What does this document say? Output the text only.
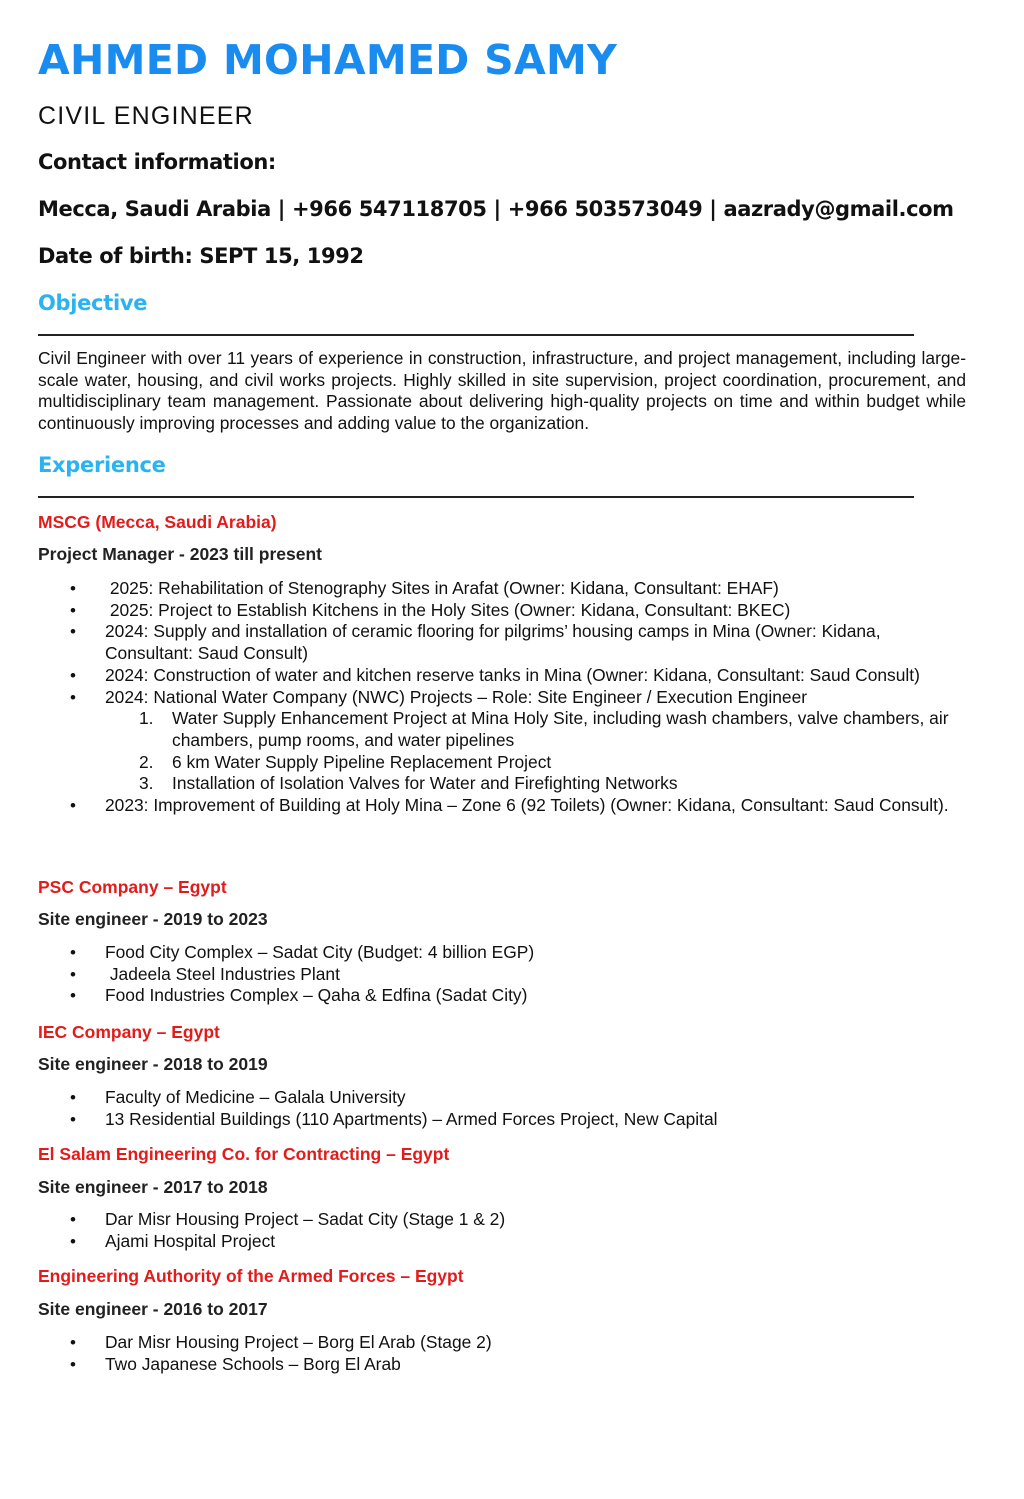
AHMED MOHAMED SAMY
CIVIL ENGINEER
Contact information:
Mecca, Saudi Arabia | +966 547118705 | +966 503573049 | aazrady@gmail.com
Date of birth: SEPT 15, 1992
Objective
Civil Engineer with over 11 years of experience in construction, infrastructure, and project management, including large-scale water, housing, and civil works projects. Highly skilled in site supervision, project coordination, procurement, and multidisciplinary team management. Passionate about delivering high-quality projects on time and within budget while continuously improving processes and adding value to the organization.
Experience
MSCG (Mecca, Saudi Arabia)
Project Manager - 2023 till present
•  2025: Rehabilitation of Stenography Sites in Arafat (Owner: Kidana, Consultant: EHAF)
•  2025: Project to Establish Kitchens in the Holy Sites (Owner: Kidana, Consultant: BKEC)
• 2024: Supply and installation of ceramic flooring for pilgrims’ housing camps in Mina (Owner: Kidana, Consultant: Saud Consult)
• 2024: Construction of water and kitchen reserve tanks in Mina (Owner: Kidana, Consultant: Saud Consult)
• 2024: National Water Company (NWC) Projects – Role: Site Engineer / Execution Engineer
1. Water Supply Enhancement Project at Mina Holy Site, including wash chambers, valve chambers, air chambers, pump rooms, and water pipelines
2. 6 km Water Supply Pipeline Replacement Project
3. Installation of Isolation Valves for Water and Firefighting Networks
• 2023: Improvement of Building at Holy Mina – Zone 6 (92 Toilets) (Owner: Kidana, Consultant: Saud Consult).
PSC Company – Egypt
Site engineer - 2019 to 2023
• Food City Complex – Sadat City (Budget: 4 billion EGP)
•  Jadeela Steel Industries Plant
• Food Industries Complex – Qaha & Edfina (Sadat City)
IEC Company – Egypt
Site engineer - 2018 to 2019
• Faculty of Medicine – Galala University
• 13 Residential Buildings (110 Apartments) – Armed Forces Project, New Capital
El Salam Engineering Co. for Contracting – Egypt
Site engineer - 2017 to 2018
• Dar Misr Housing Project – Sadat City (Stage 1 & 2)
• Ajami Hospital Project
Engineering Authority of the Armed Forces – Egypt
Site engineer - 2016 to 2017
• Dar Misr Housing Project – Borg El Arab (Stage 2)
• Two Japanese Schools – Borg El Arab
